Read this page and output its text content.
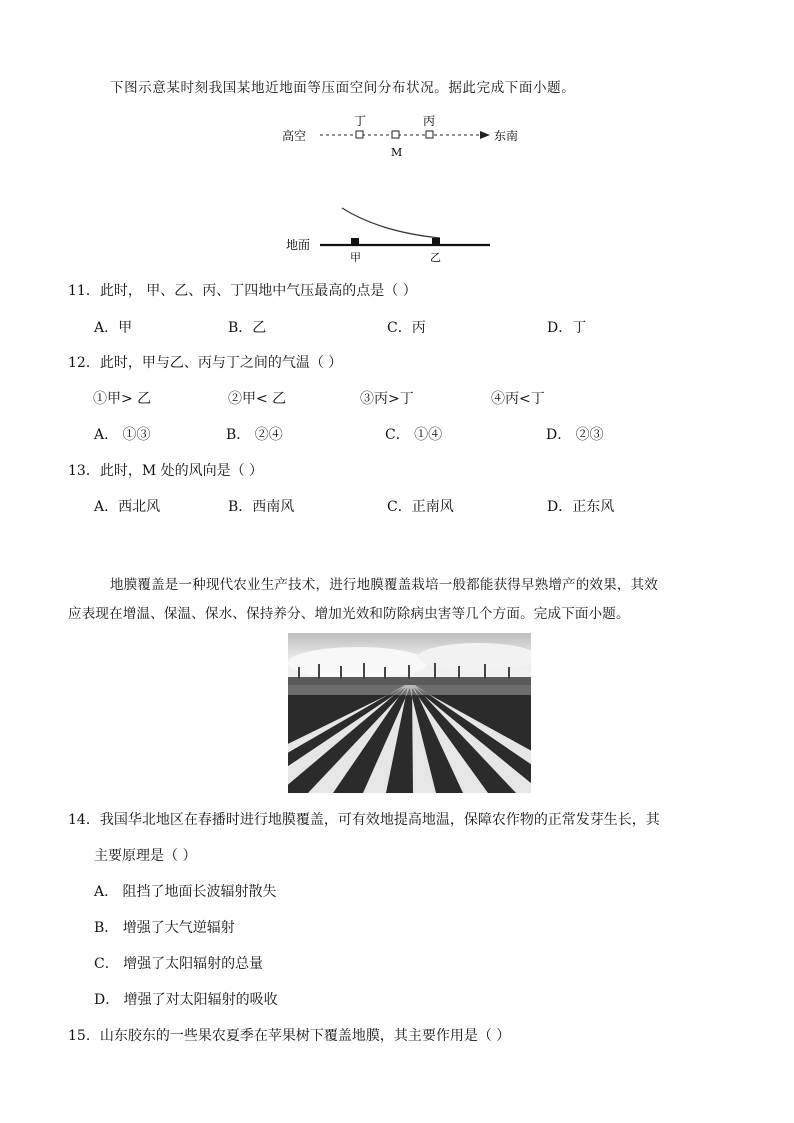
下图示意某时刻我国某地近地面等压面空间分布状况。据此完成下面小题。
高空
丁	丙
M
东南
地面
甲	乙
11．此时， 甲、乙、丙、丁四地中气压最高的点是（ ）
A．甲	B．乙	C．丙	D．丁
12．此时，甲与乙、丙与丁之间的气温（ ）
①甲> 乙	②甲< 乙	③丙>丁	④丙<丁
A． ①③	B． ②④	C． ①④	D． ②③
13．此时，M 处的风向是（ ）
A．西北风	B．西南风	C．正南风	D．正东风
地膜覆盖是一种现代农业生产技术，进行地膜覆盖栽培一般都能获得早熟增产的效果，其效
应表现在增温、保温、保水、保持养分、增加光效和防除病虫害等几个方面。完成下面小题。
14．我国华北地区在春播时进行地膜覆盖，可有效地提高地温，保障农作物的正常发芽生长，其
主要原理是（ ）
A． 阻挡了地面长波辐射散失
B． 增强了大气逆辐射
C． 增强了太阳辐射的总量
D． 增强了对太阳辐射的吸收
15．山东胶东的一些果农夏季在苹果树下覆盖地膜，其主要作用是（ ）
